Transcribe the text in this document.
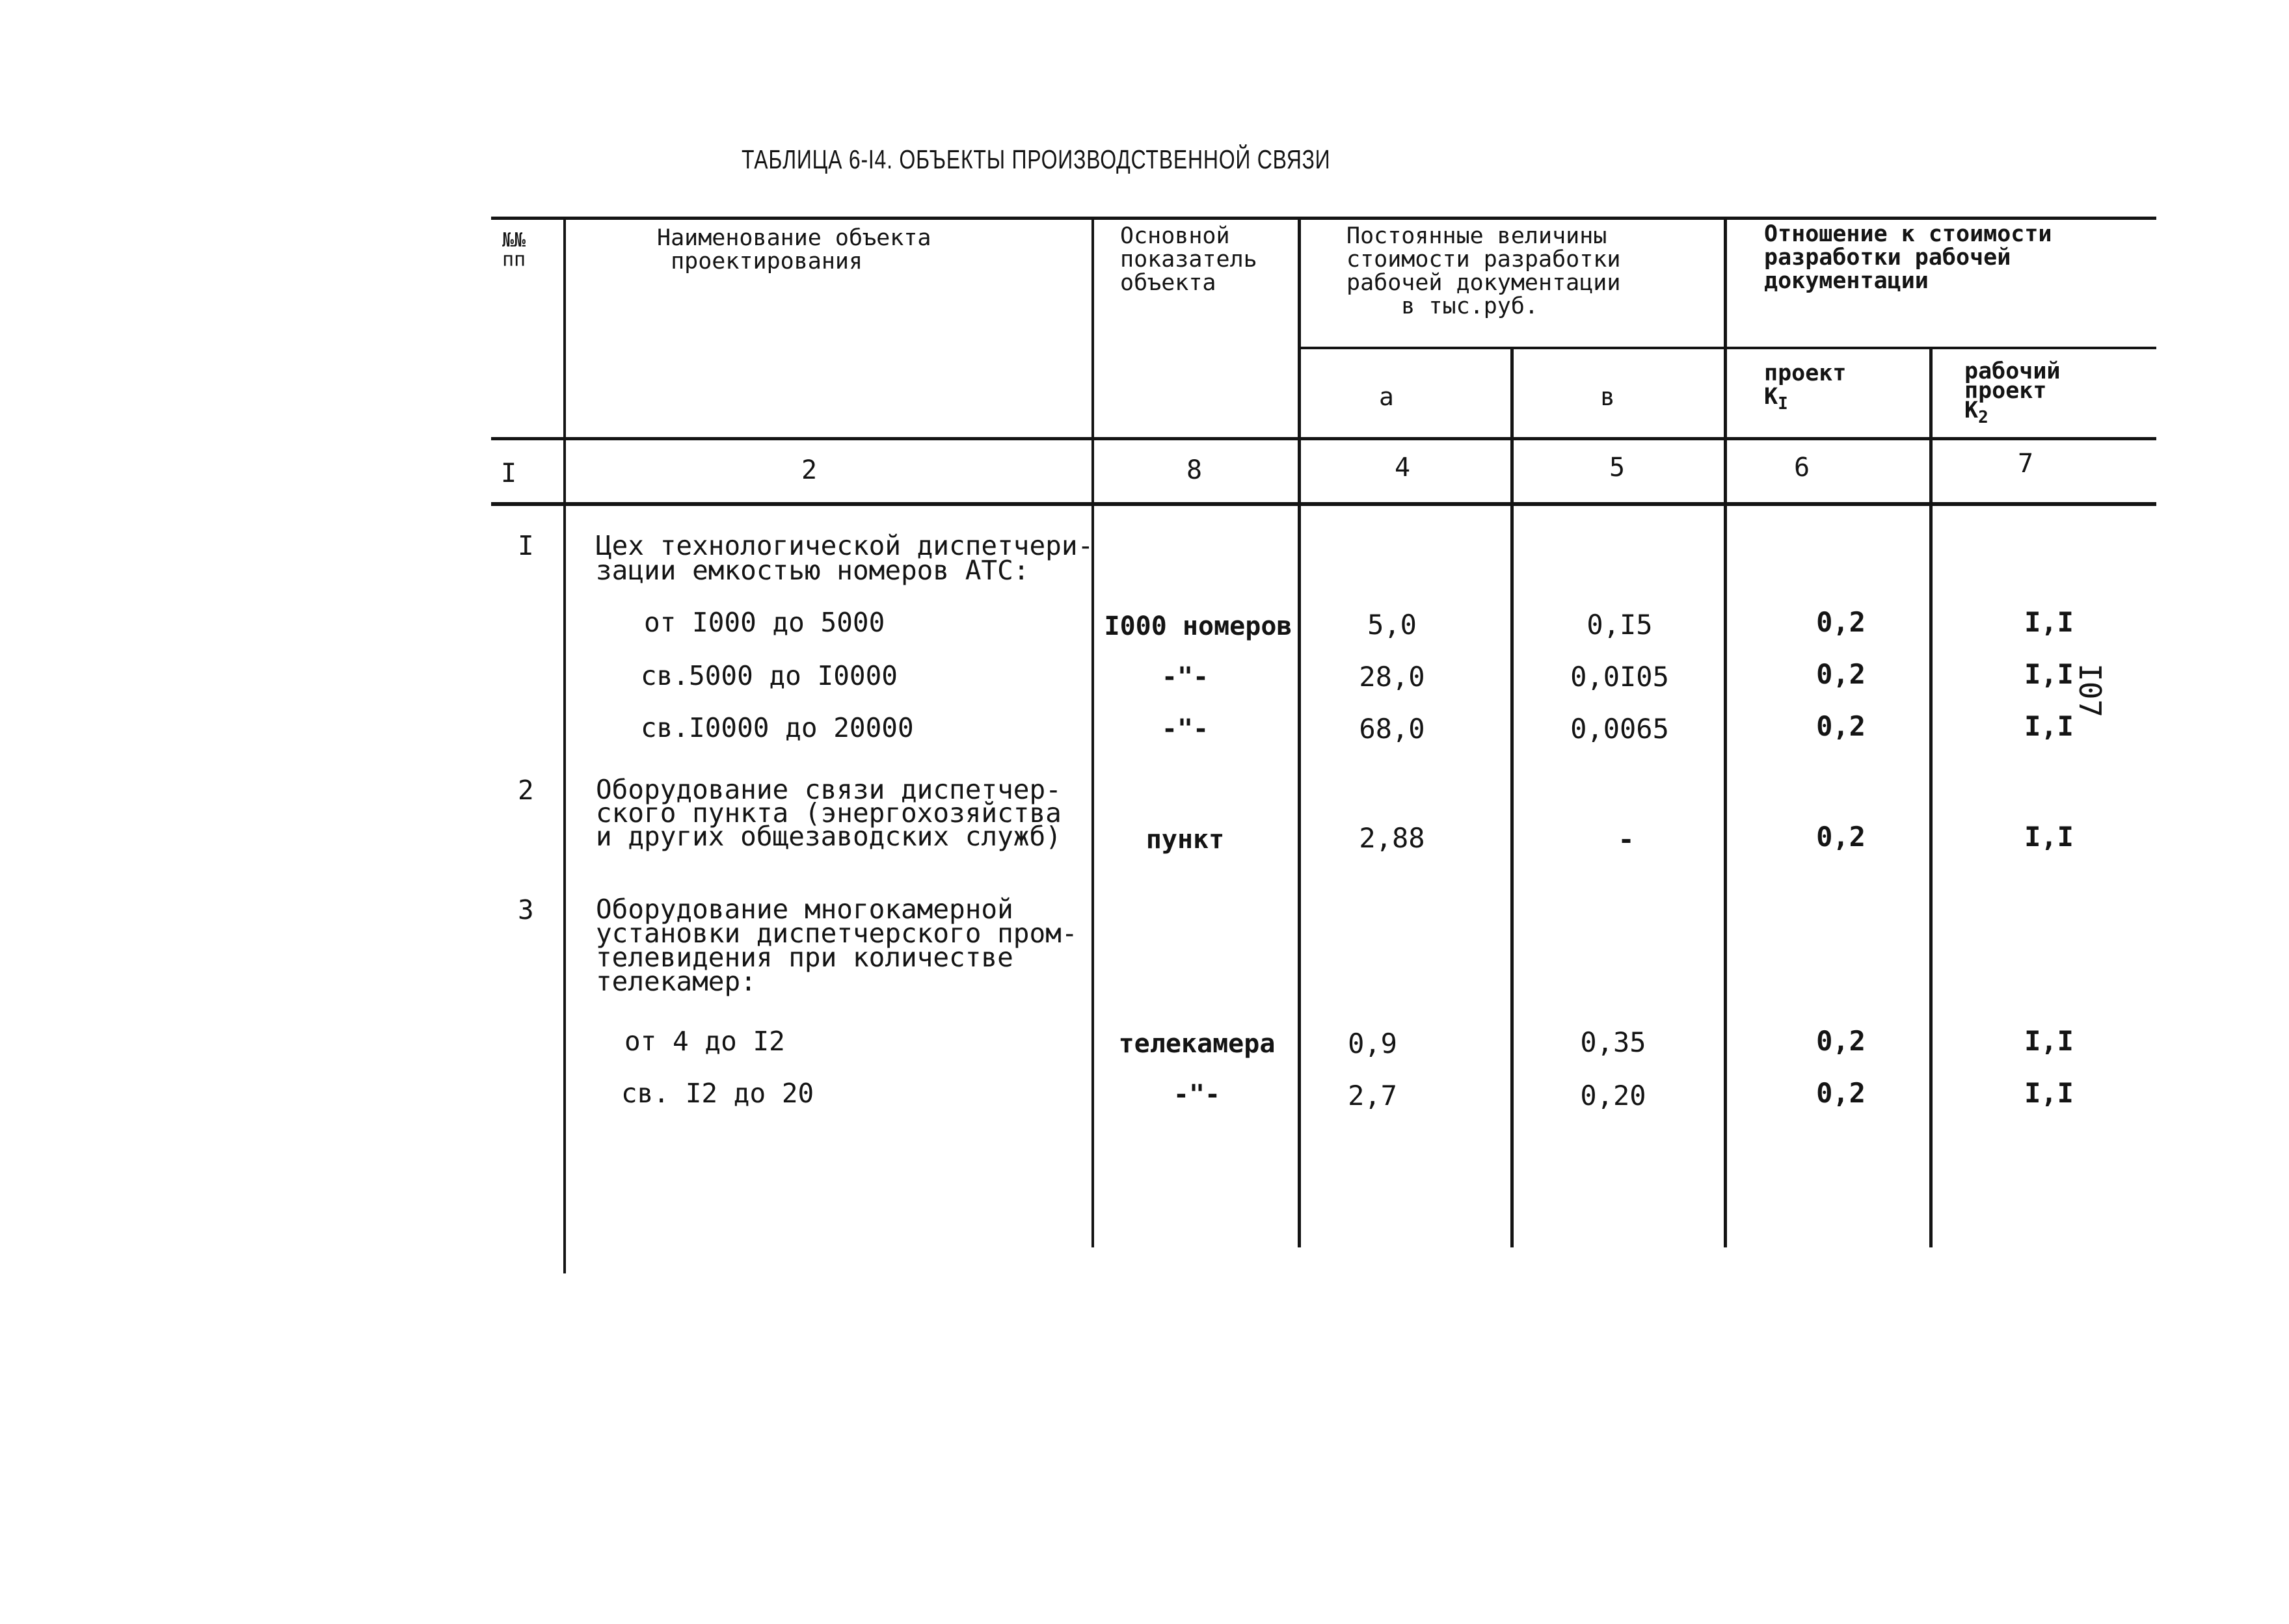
ТАБЛИЦА 6-I4. ОБЪЕКТЫ ПРОИЗВОДСТВЕННОЙ СВЯЗИ
№№
пп
Наименование объекта
проектирования
Основной
показатель
объекта
Постоянные величины
стоимости разработки
рабочей документации
в тыс.руб.
Отношение к стоимости
разработки рабочей
документации
а	в
проект
$К_I$
рабочий
проект
$К_2$
I	2	8	4	5	6	7
I Цех технологической диспетчери-
зации емкостью номеров АТС:
от I000 до 5000	I000 номеров	5,0	0,I5	0,2	I,I
св.5000 до I0000	-"-	28,0	0,0I05	0,2	I,I
св.I0000 до 20000	-"-	68,0	0,0065	0,2	I,I
2 Оборудование связи диспетчер-
ского пункта (энергохозяйства
и других общезаводских служб)	пункт	2,88	-	0,2	I,I
3 Оборудование многокамерной
установки диспетчерского пром-
телевидения при количестве
телекамер:
от 4 до I2	телекамера	0,9	0,35	0,2	I,I
св. I2 до 20	-"-	2,7	0,20	0,2	I,I
I07
